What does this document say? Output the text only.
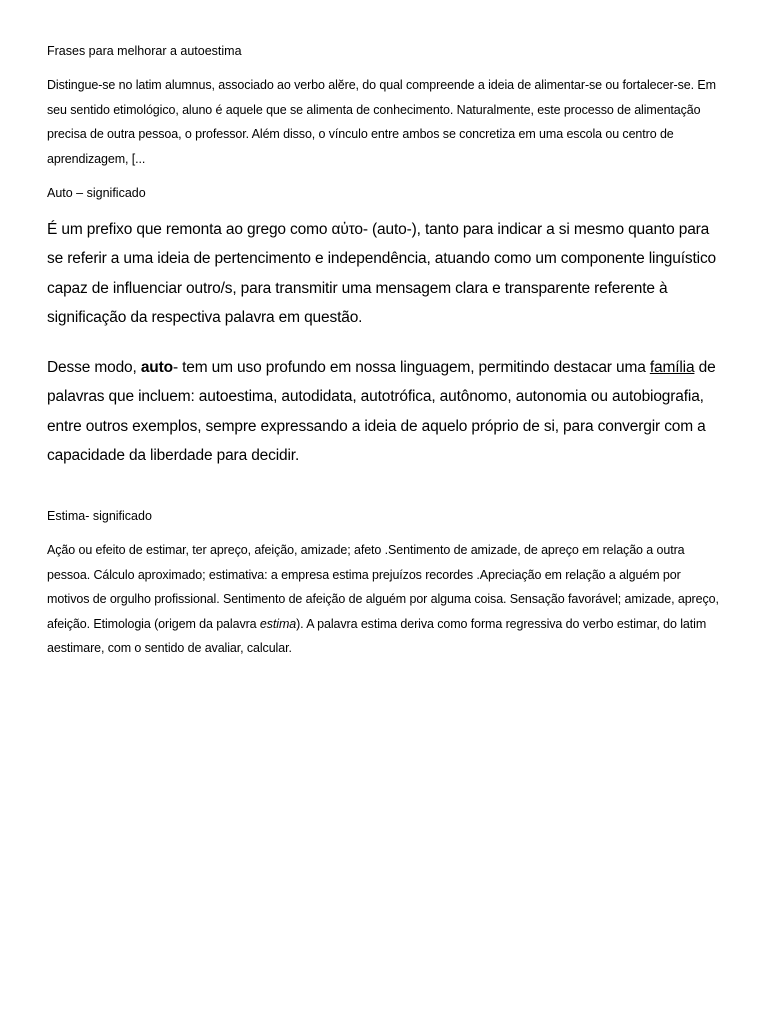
Frases para melhorar a autoestima

Distingue-se no latim alumnus, associado ao verbo alĕre, do qual compreende a ideia de alimentar-se ou fortalecer-se. Em seu sentido etimológico, aluno é aquele que se alimenta de conhecimento. Naturalmente, este processo de alimentação precisa de outra pessoa, o professor. Além disso, o vínculo entre ambos se concretiza em uma escola ou centro de aprendizagem, [...

Auto – significado

É um prefixo que remonta ao grego como αὐτο- (auto-), tanto para indicar a si mesmo quanto para se referir a uma ideia de pertencimento e independência, atuando como um componente linguístico capaz de influenciar outro/s, para transmitir uma mensagem clara e transparente referente à significação da respectiva palavra em questão.

Desse modo, auto- tem um uso profundo em nossa linguagem, permitindo destacar uma família de palavras que incluem: autoestima, autodidata, autotrófica, autônomo, autonomia ou autobiografia, entre outros exemplos, sempre expressando a ideia de aquelo próprio de si, para convergir com a capacidade da liberdade para decidir.

Estima- significado

Ação ou efeito de estimar, ter apreço, afeição, amizade; afeto .Sentimento de amizade, de apreço em relação a outra pessoa. Cálculo aproximado; estimativa: a empresa estima prejuízos recordes .Apreciação em relação a alguém por motivos de orgulho profissional. Sentimento de afeição de alguém por alguma coisa. Sensação favorável; amizade, apreço, afeição. Etimologia (origem da palavra estima). A palavra estima deriva como forma regressiva do verbo estimar, do latim aestimare, com o sentido de avaliar, calcular.
